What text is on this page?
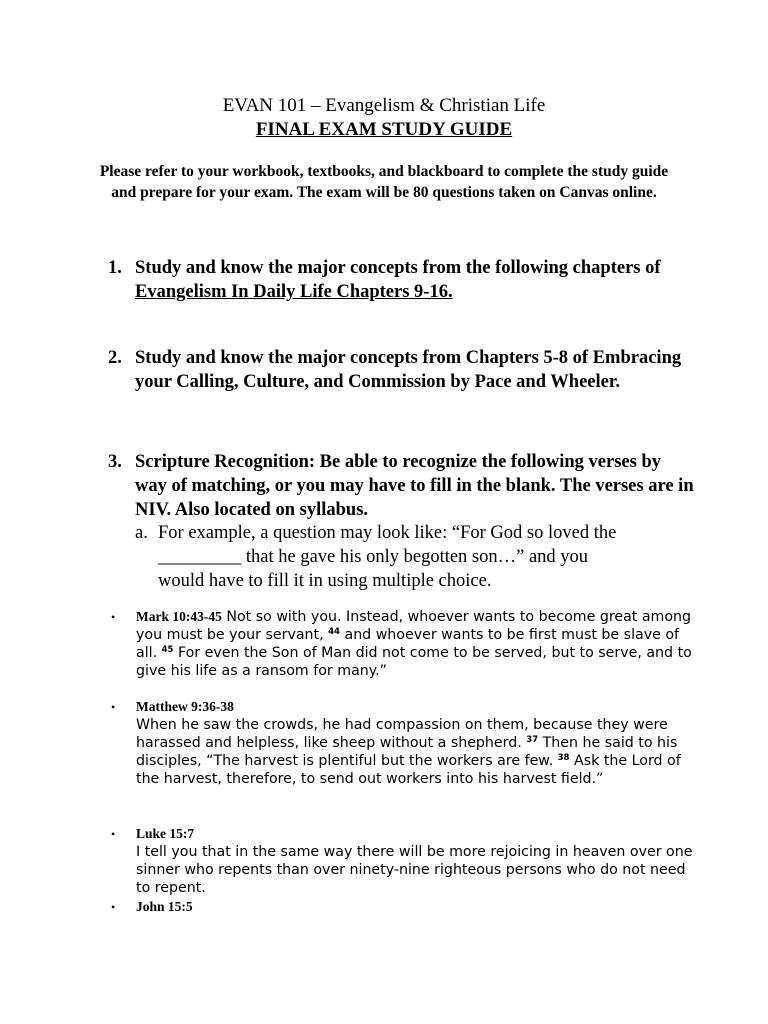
EVAN 101 – Evangelism & Christian Life
FINAL EXAM STUDY GUIDE
Please refer to your workbook, textbooks, and blackboard to complete the study guide and prepare for your exam. The exam will be 80 questions taken on Canvas online.
1. Study and know the major concepts from the following chapters of Evangelism In Daily Life Chapters 9-16.
2. Study and know the major concepts from Chapters 5-8 of Embracing your Calling, Culture, and Commission by Pace and Wheeler.
3. Scripture Recognition: Be able to recognize the following verses by way of matching, or you may have to fill in the blank. The verses are in NIV. Also located on syllabus.
a. For example, a question may look like: “For God so loved the
_________ that he gave his only begotten son…” and you
would have to fill it in using multiple choice.
• Mark 10:43-45 Not so with you. Instead, whoever wants to become great among you must be your servant, $^{44}$ and whoever wants to be first must be slave of all. $^{45}$ For even the Son of Man did not come to be served, but to serve, and to give his life as a ransom for many.”
• Matthew 9:36-38
When he saw the crowds, he had compassion on them, because they were harassed and helpless, like sheep without a shepherd. $^{37}$ Then he said to his disciples, “The harvest is plentiful but the workers are few. $^{38}$ Ask the Lord of the harvest, therefore, to send out workers into his harvest field.”
• Luke 15:7
I tell you that in the same way there will be more rejoicing in heaven over one sinner who repents than over ninety-nine righteous persons who do not need to repent.
• John 15:5
